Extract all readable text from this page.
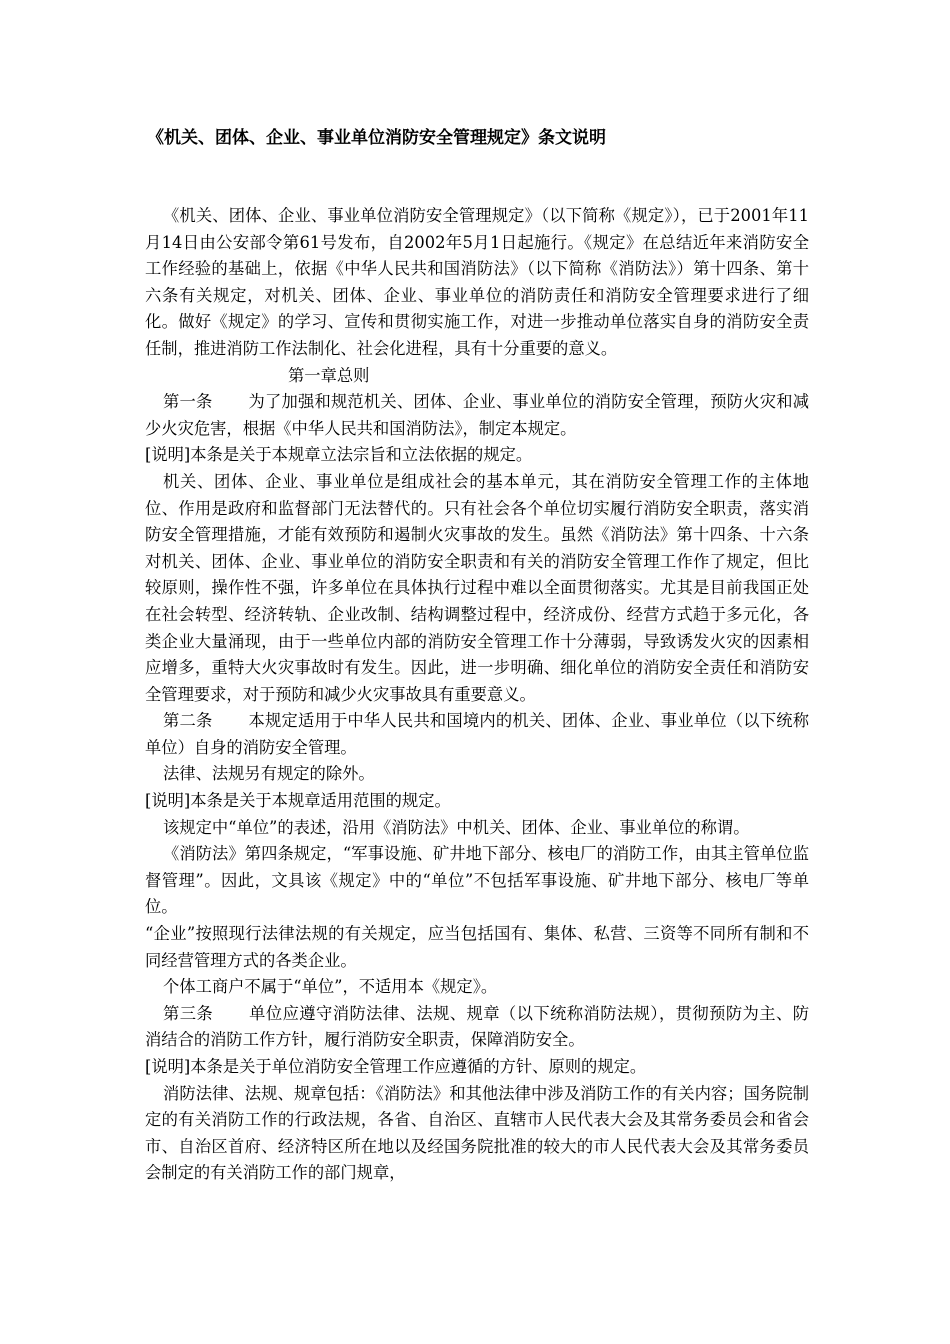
《机关、团体、企业、事业单位消防安全管理规定》条文说明

《机关、团体、企业、事业单位消防安全管理规定》（以下简称《规定》），已于2001年11月14日由公安部令第61号发布，自2002年5月1日起施行。《规定》在总结近年来消防安全工作经验的基础上，依据《中华人民共和国消防法》（以下简称《消防法》）第十四条、第十六条有关规定，对机关、团体、企业、事业单位的消防责任和消防安全管理要求进行了细化。做好《规定》的学习、宣传和贯彻实施工作，对进一步推动单位落实自身的消防安全责任制，推进消防工作法制化、社会化进程，具有十分重要的意义。

第一章总则

第一条 为了加强和规范机关、团体、企业、事业单位的消防安全管理，预防火灾和减少火灾危害，根据《中华人民共和国消防法》，制定本规定。

[说明]本条是关于本规章立法宗旨和立法依据的规定。

机关、团体、企业、事业单位是组成社会的基本单元，其在消防安全管理工作的主体地位、作用是政府和监督部门无法替代的。只有社会各个单位切实履行消防安全职责，落实消防安全管理措施，才能有效预防和遏制火灾事故的发生。虽然《消防法》第十四条、十六条对机关、团体、企业、事业单位的消防安全职责和有关的消防安全管理工作作了规定，但比较原则，操作性不强，许多单位在具体执行过程中难以全面贯彻落实。尤其是目前我国正处在社会转型、经济转轨、企业改制、结构调整过程中，经济成份、经营方式趋于多元化，各类企业大量涌现，由于一些单位内部的消防安全管理工作十分薄弱，导致诱发火灾的因素相应增多，重特大火灾事故时有发生。因此，进一步明确、细化单位的消防安全责任和消防安全管理要求，对于预防和减少火灾事故具有重要意义。

第二条 本规定适用于中华人民共和国境内的机关、团体、企业、事业单位（以下统称单位）自身的消防安全管理。

法律、法规另有规定的除外。

[说明]本条是关于本规章适用范围的规定。

该规定中“单位”的表述，沿用《消防法》中机关、团体、企业、事业单位的称谓。

《消防法》第四条规定，“军事设施、矿井地下部分、核电厂的消防工作，由其主管单位监督管理”。因此，文具该《规定》中的“单位”不包括军事设施、矿井地下部分、核电厂等单位。

“企业”按照现行法律法规的有关规定，应当包括国有、集体、私营、三资等不同所有制和不同经营管理方式的各类企业。

个体工商户不属于“单位”，不适用本《规定》。

第三条 单位应遵守消防法律、法规、规章（以下统称消防法规），贯彻预防为主、防消结合的消防工作方针，履行消防安全职责，保障消防安全。

[说明]本条是关于单位消防安全管理工作应遵循的方针、原则的规定。

消防法律、法规、规章包括：《消防法》和其他法律中涉及消防工作的有关内容；国务院制定的有关消防工作的行政法规，各省、自治区、直辖市人民代表大会及其常务委员会和省会市、自治区首府、经济特区所在地以及经国务院批准的较大的市人民代表大会及其常务委员会制定的有关消防工作的部门规章，
